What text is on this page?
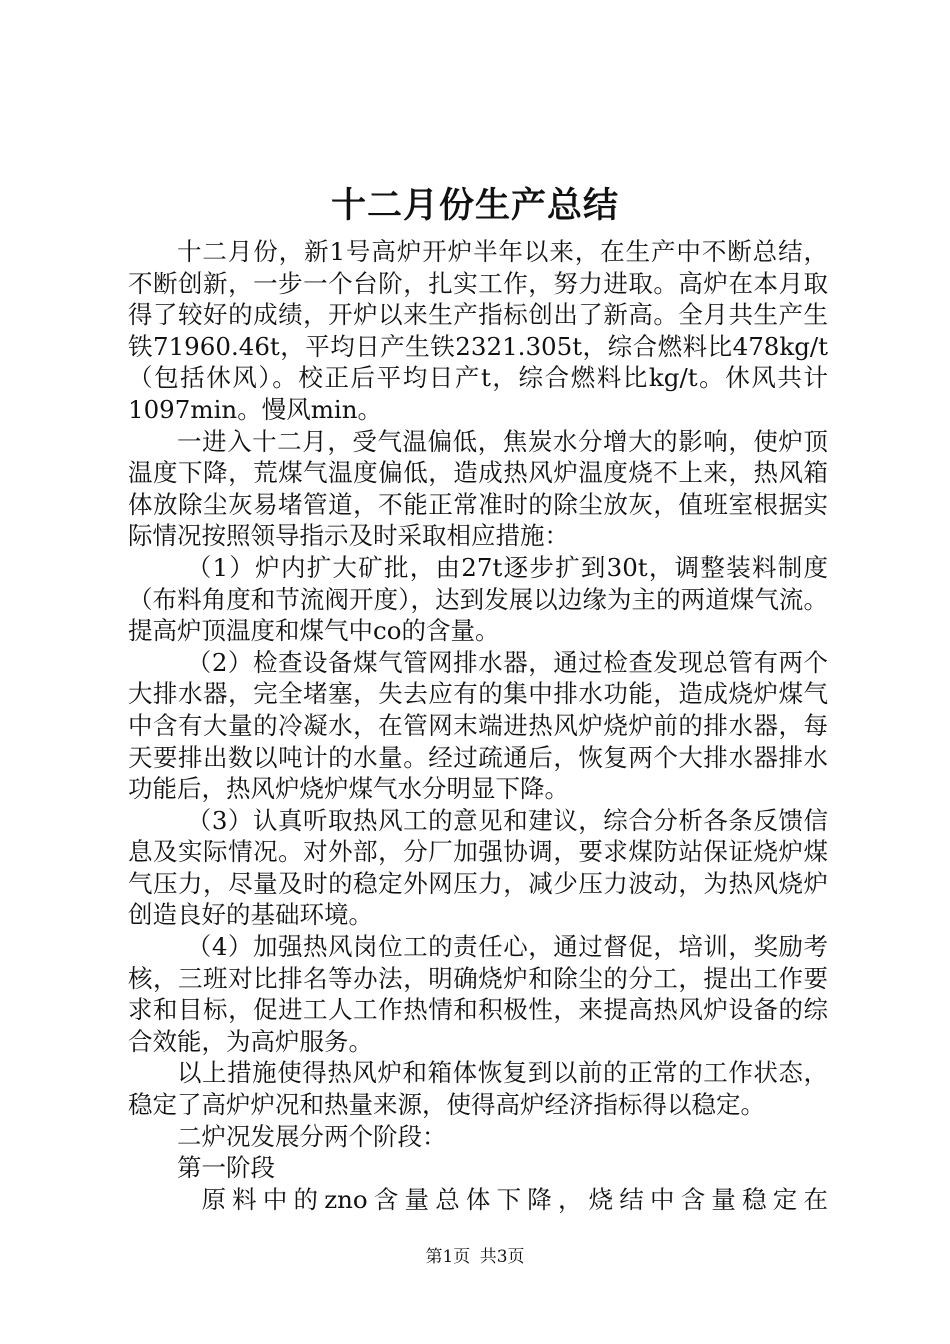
十二月份生产总结

十二月份，新1号高炉开炉半年以来，在生产中不断总结，不断创新，一步一个台阶，扎实工作，努力进取。高炉在本月取得了较好的成绩，开炉以来生产指标创出了新高。全月共生产生铁71960.46t，平均日产生铁2321.305t，综合燃料比478kg/t（包括休风）。校正后平均日产t，综合燃料比kg/t。休风共计1097min。慢风min。

一进入十二月，受气温偏低，焦炭水分增大的影响，使炉顶温度下降，荒煤气温度偏低，造成热风炉温度烧不上来，热风箱体放除尘灰易堵管道，不能正常准时的除尘放灰，值班室根据实际情况按照领导指示及时采取相应措施：

（1）炉内扩大矿批，由27t逐步扩到30t，调整装料制度（布料角度和节流阀开度），达到发展以边缘为主的两道煤气流。提高炉顶温度和煤气中co的含量。

（2）检查设备煤气管网排水器，通过检查发现总管有两个大排水器，完全堵塞，失去应有的集中排水功能，造成烧炉煤气中含有大量的冷凝水，在管网末端进热风炉烧炉前的排水器，每天要排出数以吨计的水量。经过疏通后，恢复两个大排水器排水功能后，热风炉烧炉煤气水分明显下降。

（3）认真听取热风工的意见和建议，综合分析各条反馈信息及实际情况。对外部，分厂加强协调，要求煤防站保证烧炉煤气压力，尽量及时的稳定外网压力，减少压力波动，为热风烧炉创造良好的基础环境。

（4）加强热风岗位工的责任心，通过督促，培训，奖励考核，三班对比排名等办法，明确烧炉和除尘的分工，提出工作要求和目标，促进工人工作热情和积极性，来提高热风炉设备的综合效能，为高炉服务。

以上措施使得热风炉和箱体恢复到以前的正常的工作状态，稳定了高炉炉况和热量来源，使得高炉经济指标得以稳定。

二炉况发展分两个阶段：

第一阶段

原料中的zno含量总体下降，烧结中含量稳定在

第1页 共3页
